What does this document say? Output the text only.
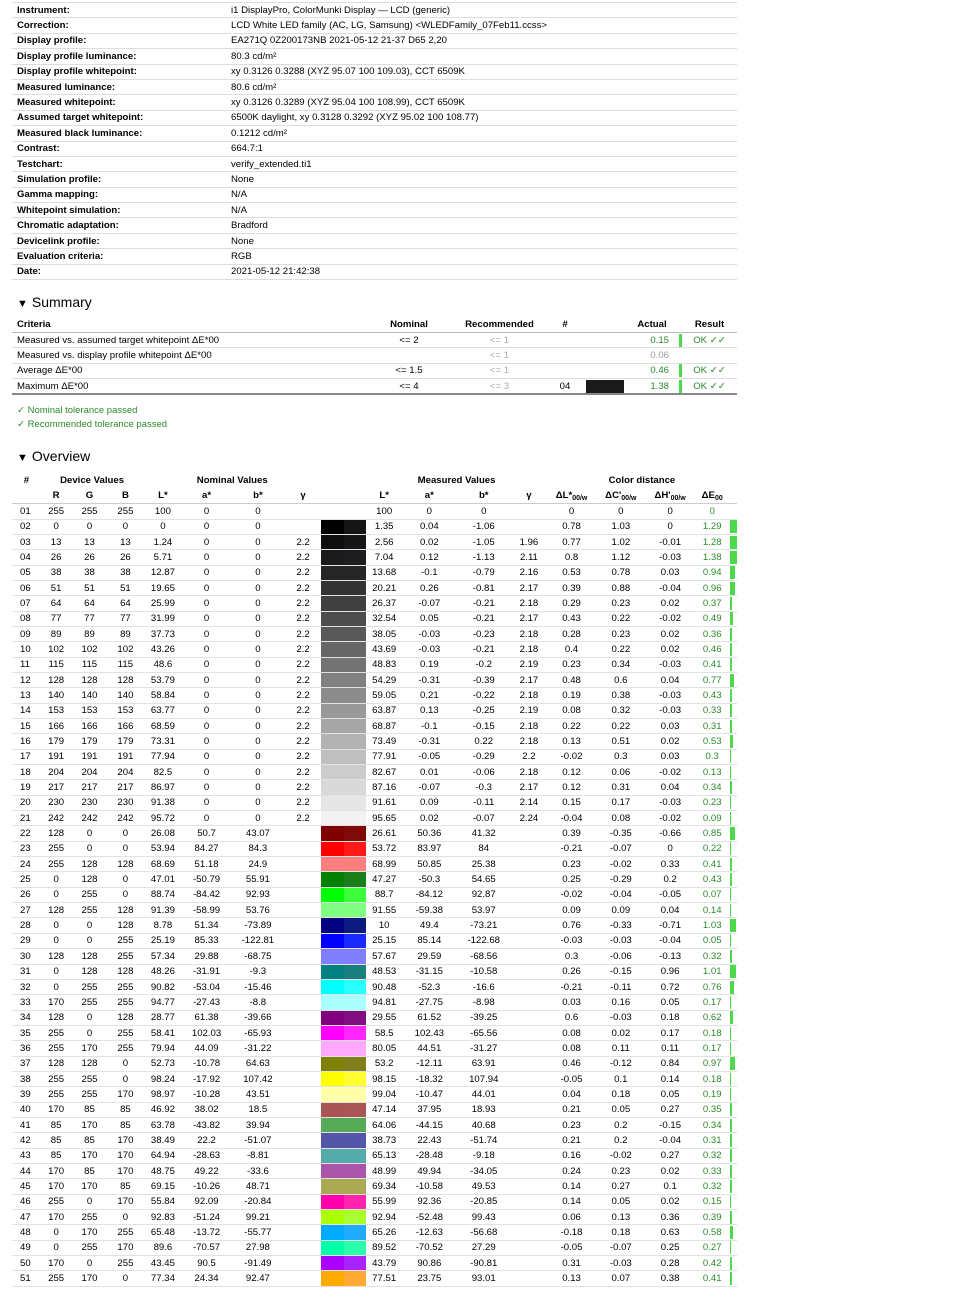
Instrument:	i1 DisplayPro, ColorMunki Display — LCD (generic)
Correction:	LCD White LED family (AC, LG, Samsung) <WLEDFamily_07Feb11.ccss>
Display profile:	EA271Q 0Z200173NB 2021-05-12 21-37 D65 2,20
Display profile luminance:	80.3 cd/m²
Display profile whitepoint:	xy 0.3126 0.3288 (XYZ 95.07 100 109.03), CCT 6509K
Measured luminance:	80.6 cd/m²
Measured whitepoint:	xy 0.3126 0.3289 (XYZ 95.04 100 108.99), CCT 6509K
Assumed target whitepoint:	6500K daylight, xy 0.3128 0.3292 (XYZ 95.02 100 108.77)
Measured black luminance:	0.1212 cd/m²
Contrast:	664.7:1
Testchart:	verify_extended.ti1
Simulation profile:	None
Gamma mapping:	N/A
Whitepoint simulation:	N/A
Chromatic adaptation:	Bradford
Devicelink profile:	None
Evaluation criteria:	RGB
Date:	2021-05-12 21:42:38
▼ Summary
Criteria	Nominal	Recommended	#		Actual		Result
Measured vs. assumed target whitepoint ΔE*00	<= 2	<= 1			0.15		OK ✓✓
Measured vs. display profile whitepoint ΔE*00		<= 1			0.06		
Average ΔE*00	<= 1.5	<= 1			0.46		OK ✓✓
Maximum ΔE*00	<= 4	<= 3	04		1.38		OK ✓✓
✓ Nominal tolerance passed
✓ Recommended tolerance passed
▼ Overview
#	Device Values			Nominal Values						Measured Values				Color distance				
	R	G	B	L*	a*	b*	γ			L*	a*	b*	γ	$\Delta L*_{00/w}$	$\Delta C'_{00/w}$	$\Delta H'_{00/w}$	$\Delta E_{00}$	
01	255	255	255	100	0	0				100	0	0		0	0	0	0	
02	0	0	0	0	0	0				1.35	0.04	-1.06		0.78	1.03	0	1.29	

03	13	13	13	1.24	0	0	2.2			2.56	0.02	-1.05	1.96	0.77	1.02	-0.01	1.28	

04	26	26	26	5.71	0	0	2.2			7.04	0.12	-1.13	2.11	0.8	1.12	-0.03	1.38	

05	38	38	38	12.87	0	0	2.2			13.68	-0.1	-0.79	2.16	0.53	0.78	0.03	0.94	

06	51	51	51	19.65	0	0	2.2			20.21	0.26	-0.81	2.17	0.39	0.88	-0.04	0.96	

07	64	64	64	25.99	0	0	2.2			26.37	-0.07	-0.21	2.18	0.29	0.23	0.02	0.37	

08	77	77	77	31.99	0	0	2.2			32.54	0.05	-0.21	2.17	0.43	0.22	-0.02	0.49	

09	89	89	89	37.73	0	0	2.2			38.05	-0.03	-0.23	2.18	0.28	0.23	0.02	0.36	

10	102	102	102	43.26	0	0	2.2			43.69	-0.03	-0.21	2.18	0.4	0.22	0.02	0.46	

11	115	115	115	48.6	0	0	2.2			48.83	0.19	-0.2	2.19	0.23	0.34	-0.03	0.41	

12	128	128	128	53.79	0	0	2.2			54.29	-0.31	-0.39	2.17	0.48	0.6	0.04	0.77	

13	140	140	140	58.84	0	0	2.2			59.05	0.21	-0.22	2.18	0.19	0.38	-0.03	0.43	

14	153	153	153	63.77	0	0	2.2			63.87	0.13	-0.25	2.19	0.08	0.32	-0.03	0.33	

15	166	166	166	68.59	0	0	2.2			68.87	-0.1	-0.15	2.18	0.22	0.22	0.03	0.31	

16	179	179	179	73.31	0	0	2.2			73.49	-0.31	0.22	2.18	0.13	0.51	0.02	0.53	

17	191	191	191	77.94	0	0	2.2			77.91	-0.05	-0.29	2.2	-0.02	0.3	0.03	0.3	

18	204	204	204	82.5	0	0	2.2			82.67	0.01	-0.06	2.18	0.12	0.06	-0.02	0.13	

19	217	217	217	86.97	0	0	2.2			87.16	-0.07	-0.3	2.17	0.12	0.31	0.04	0.34	

20	230	230	230	91.38	0	0	2.2			91.61	0.09	-0.11	2.14	0.15	0.17	-0.03	0.23	

21	242	242	242	95.72	0	0	2.2			95.65	0.02	-0.07	2.24	-0.04	0.08	-0.02	0.09	

22	128	0	0	26.08	50.7	43.07				26.61	50.36	41.32		0.39	-0.35	-0.66	0.85	

23	255	0	0	53.94	84.27	84.3				53.72	83.97	84		-0.21	-0.07	0	0.22	

24	255	128	128	68.69	51.18	24.9				68.99	50.85	25.38		0.23	-0.02	0.33	0.41	

25	0	128	0	47.01	-50.79	55.91				47.27	-50.3	54.65		0.25	-0.29	0.2	0.43	

26	0	255	0	88.74	-84.42	92.93				88.7	-84.12	92.87		-0.02	-0.04	-0.05	0.07	

27	128	255	128	91.39	-58.99	53.76				91.55	-59.38	53.97		0.09	0.09	0.04	0.14	

28	0	0	128	8.78	51.34	-73.89				10	49.4	-73.21		0.76	-0.33	-0.71	1.03	

29	0	0	255	25.19	85.33	-122.81				25.15	85.14	-122.68		-0.03	-0.03	-0.04	0.05	

30	128	128	255	57.34	29.88	-68.75				57.67	29.59	-68.56		0.3	-0.06	-0.13	0.32	

31	0	128	128	48.26	-31.91	-9.3				48.53	-31.15	-10.58		0.26	-0.15	0.96	1.01	

32	0	255	255	90.82	-53.04	-15.46				90.48	-52.3	-16.6		-0.21	-0.11	0.72	0.76	

33	170	255	255	94.77	-27.43	-8.8				94.81	-27.75	-8.98		0.03	0.16	0.05	0.17	

34	128	0	128	28.77	61.38	-39.66				29.55	61.52	-39.25		0.6	-0.03	0.18	0.62	

35	255	0	255	58.41	102.03	-65.93				58.5	102.43	-65.56		0.08	0.02	0.17	0.18	

36	255	170	255	79.94	44.09	-31.22				80.05	44.51	-31.27		0.08	0.11	0.11	0.17	

37	128	128	0	52.73	-10.78	64.63				53.2	-12.11	63.91		0.46	-0.12	0.84	0.97	

38	255	255	0	98.24	-17.92	107.42				98.15	-18.32	107.94		-0.05	0.1	0.14	0.18	

39	255	255	170	98.97	-10.28	43.51				99.04	-10.47	44.01		0.04	0.18	0.05	0.19	

40	170	85	85	46.92	38.02	18.5				47.14	37.95	18.93		0.21	0.05	0.27	0.35	

41	85	170	85	63.78	-43.82	39.94				64.06	-44.15	40.68		0.23	0.2	-0.15	0.34	

42	85	85	170	38.49	22.2	-51.07				38.73	22.43	-51.74		0.21	0.2	-0.04	0.31	

43	85	170	170	64.94	-28.63	-8.81				65.13	-28.48	-9.18		0.16	-0.02	0.27	0.32	

44	170	85	170	48.75	49.22	-33.6				48.99	49.94	-34.05		0.24	0.23	0.02	0.33	

45	170	170	85	69.15	-10.26	48.71				69.34	-10.58	49.53		0.14	0.27	0.1	0.32	

46	255	0	170	55.84	92.09	-20.84				55.99	92.36	-20.85		0.14	0.05	0.02	0.15	

47	170	255	0	92.83	-51.24	99.21				92.94	-52.48	99.43		0.06	0.13	0.36	0.39	

48	0	170	255	65.48	-13.72	-55.77				65.26	-12.63	-56.68		-0.18	0.18	0.63	0.58	

49	0	255	170	89.6	-70.57	27.98				89.52	-70.52	27.29		-0.05	-0.07	0.25	0.27	

50	170	0	255	43.45	90.5	-91.49				43.79	90.86	-90.81		0.31	-0.03	0.28	0.42	

51	255	170	0	77.34	24.34	92.47				77.51	23.75	93.01		0.13	0.07	0.38	0.41	
